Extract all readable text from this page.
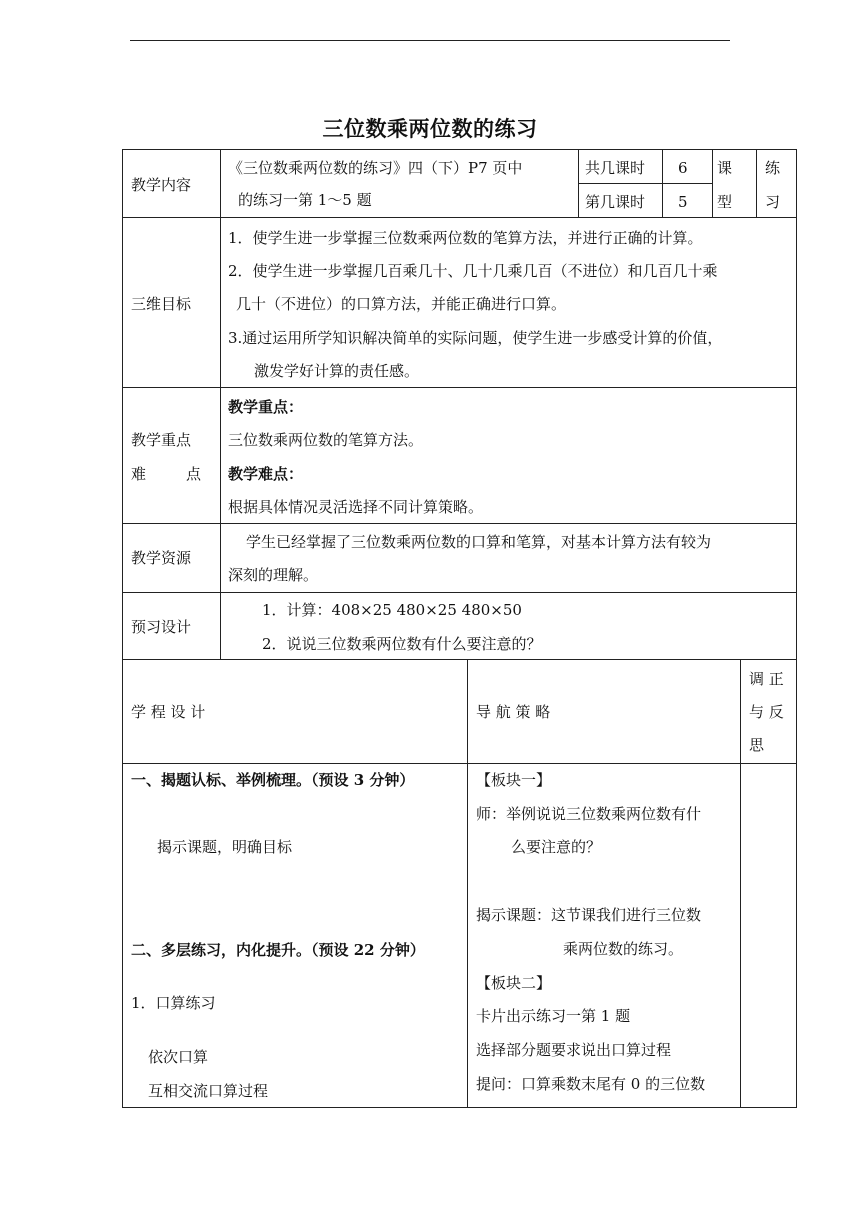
三位数乘两位数的练习
教学内容
《三位数乘两位数的练习》四（下）P7 页中
的练习一第 1～5 题
共几课时 6
第几课时 5
课
型
练
习
三维目标
1．使学生进一步掌握三位数乘两位数的笔算方法，并进行正确的计算。
2．使学生进一步掌握几百乘几十、几十几乘几百（不进位）和几百几十乘
几十（不进位）的口算方法，并能正确进行口算。
3.通过运用所学知识解决简单的实际问题，使学生进一步感受计算的价值，
激发学好计算的责任感。
教学重点
难	点
教学重点：
三位数乘两位数的笔算方法。
教学难点：
根据具体情况灵活选择不同计算策略。
教学资源
学生已经掌握了三位数乘两位数的口算和笔算，对基本计算方法有较为
深刻的理解。
预习设计
1．计算：408×25 480×25 480×50
2．说说三位数乘两位数有什么要注意的？
学 程 设 计	导 航 策 略
调 正
与 反
思
一、揭题认标、举例梳理。（预设 3 分钟）
揭示课题，明确目标
二、多层练习，内化提升。（预设 22 分钟）
1．口算练习
依次口算
互相交流口算过程
【板块一】
师：举例说说三位数乘两位数有什
么要注意的？
揭示课题：这节课我们进行三位数
乘两位数的练习。
【板块二】
卡片出示练习一第 1 题
选择部分题要求说出口算过程
提问：口算乘数末尾有 0 的三位数
